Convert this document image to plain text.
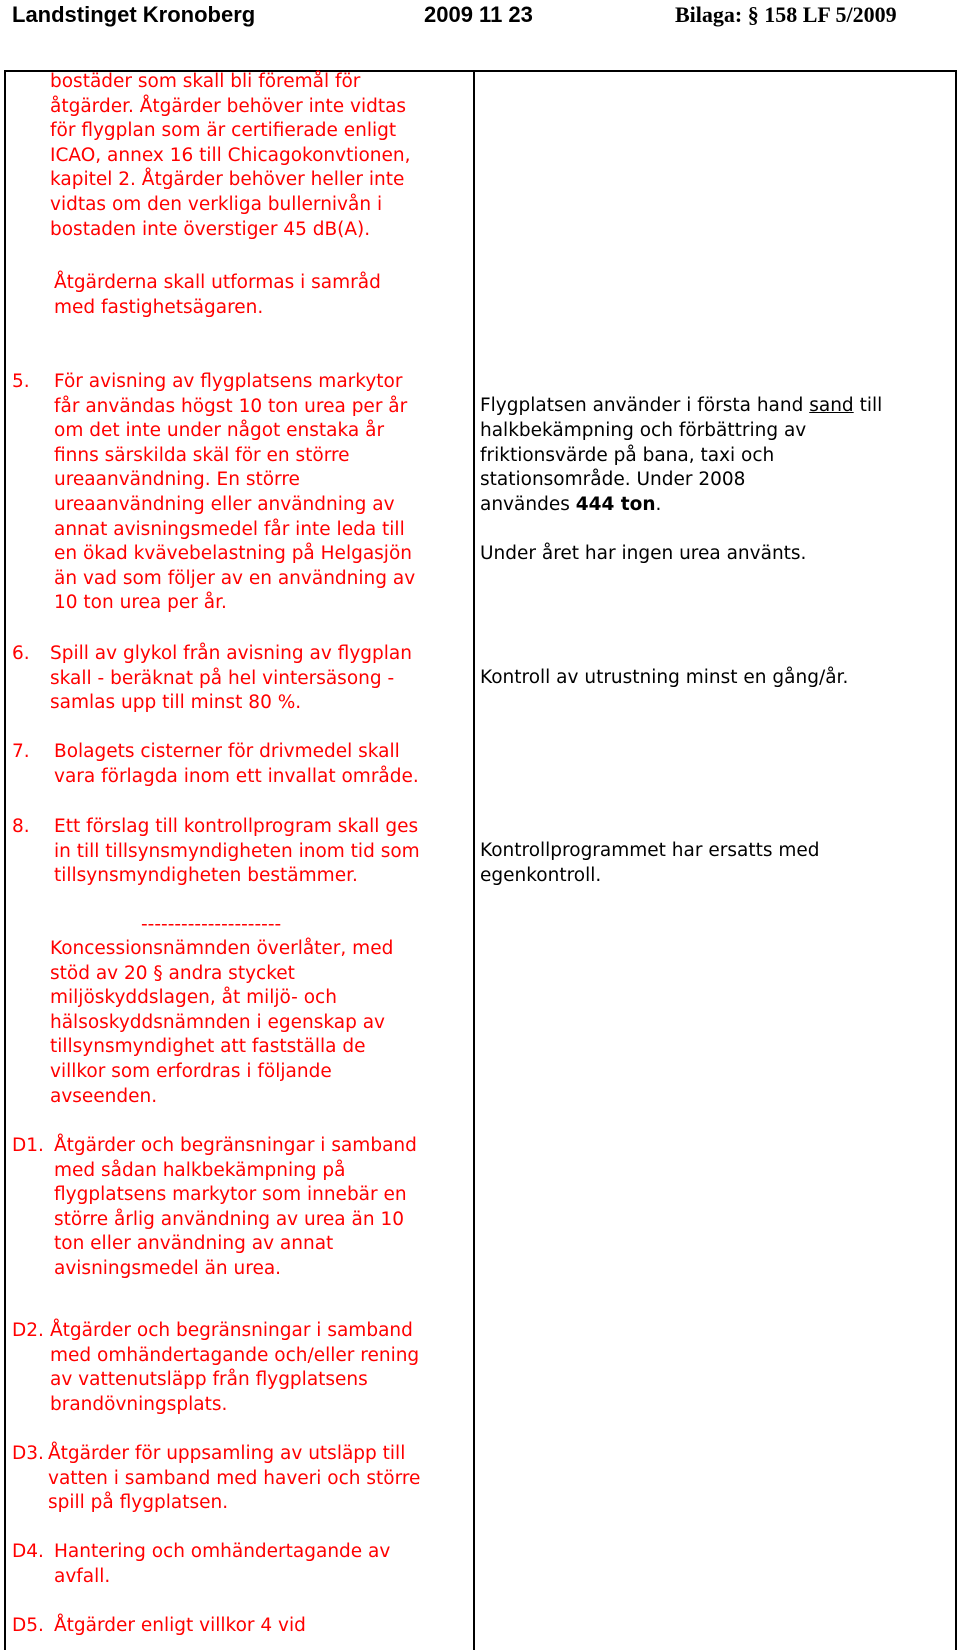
Landstinget Kronoberg	2009 11 23	Bilaga: § 158 LF 5/2009
bostäder som skall bli föremål för
åtgärder. Åtgärder behöver inte vidtas
för flygplan som är certifierade enligt
ICAO, annex 16 till Chicagokonvtionen,
kapitel 2. Åtgärder behöver heller inte
vidtas om den verkliga bullernivån i
bostaden inte överstiger 45 dB(A).
Åtgärderna skall utformas i samråd
med fastighetsägaren.
5. För avisning av flygplatsens markytor
får användas högst 10 ton urea per år
om det inte under något enstaka år
finns särskilda skäl för en större
ureaanvändning. En större
ureaanvändning eller användning av
annat avisningsmedel får inte leda till
en ökad kvävebelastning på Helgasjön
än vad som följer av en användning av
10 ton urea per år.
6. Spill av glykol från avisning av flygplan
skall - beräknat på hel vintersäsong -
samlas upp till minst 80 %.
7. Bolagets cisterner för drivmedel skall
vara förlagda inom ett invallat område.
8. Ett förslag till kontrollprogram skall ges
in till tillsynsmyndigheten inom tid som
tillsynsmyndigheten bestämmer.
---------------------
Koncessionsnämnden överlåter, med
stöd av 20 § andra stycket
miljöskyddslagen, åt miljö- och
hälsoskyddsnämnden i egenskap av
tillsynsmyndighet att fastställa de
villkor som erfordras i följande
avseenden.
D1. Åtgärder och begränsningar i samband
med sådan halkbekämpning på
flygplatsens markytor som innebär en
större årlig användning av urea än 10
ton eller användning av annat
avisningsmedel än urea.
D2. Åtgärder och begränsningar i samband
med omhändertagande och/eller rening
av vattenutsläpp från flygplatsens
brandövningsplats.
D3. Åtgärder för uppsamling av utsläpp till
vatten i samband med haveri och större
spill på flygplatsen.
D4. Hantering och omhändertagande av
avfall.
D5. Åtgärder enligt villkor 4 vid
Flygplatsen använder i första hand sand till
halkbekämpning och förbättring av
friktionsvärde på bana, taxi och
stationsområde. Under 2008
användes 444 ton.
Under året har ingen urea använts.
Kontroll av utrustning minst en gång/år.
Kontrollprogrammet har ersatts med
egenkontroll.
